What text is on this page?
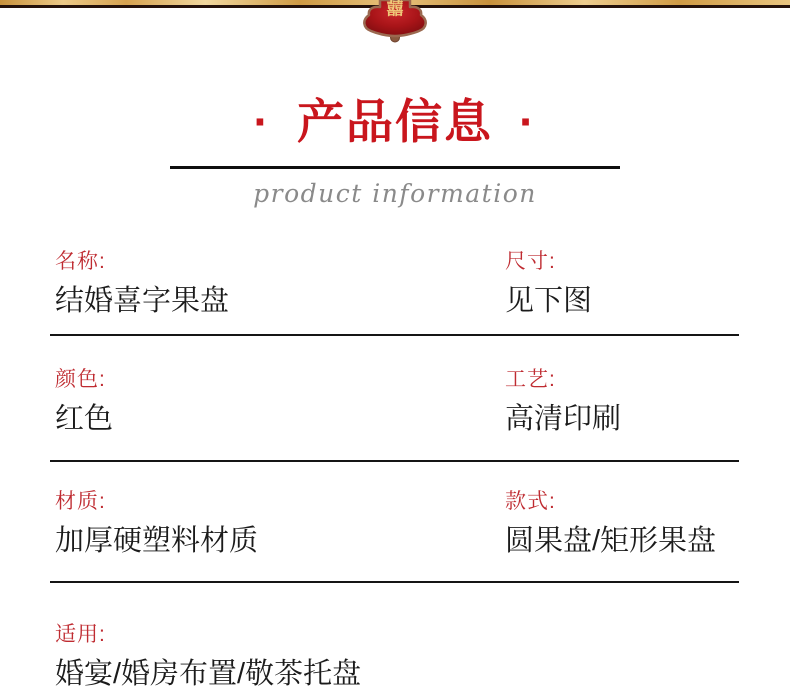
囍
· 产品信息 ·
product information
名称:
结婚喜字果盘
尺寸:
见下图
颜色:
红色
工艺:
高清印刷
材质:
加厚硬塑料材质
款式:
圆果盘/矩形果盘
适用:
婚宴/婚房布置/敬茶托盘
